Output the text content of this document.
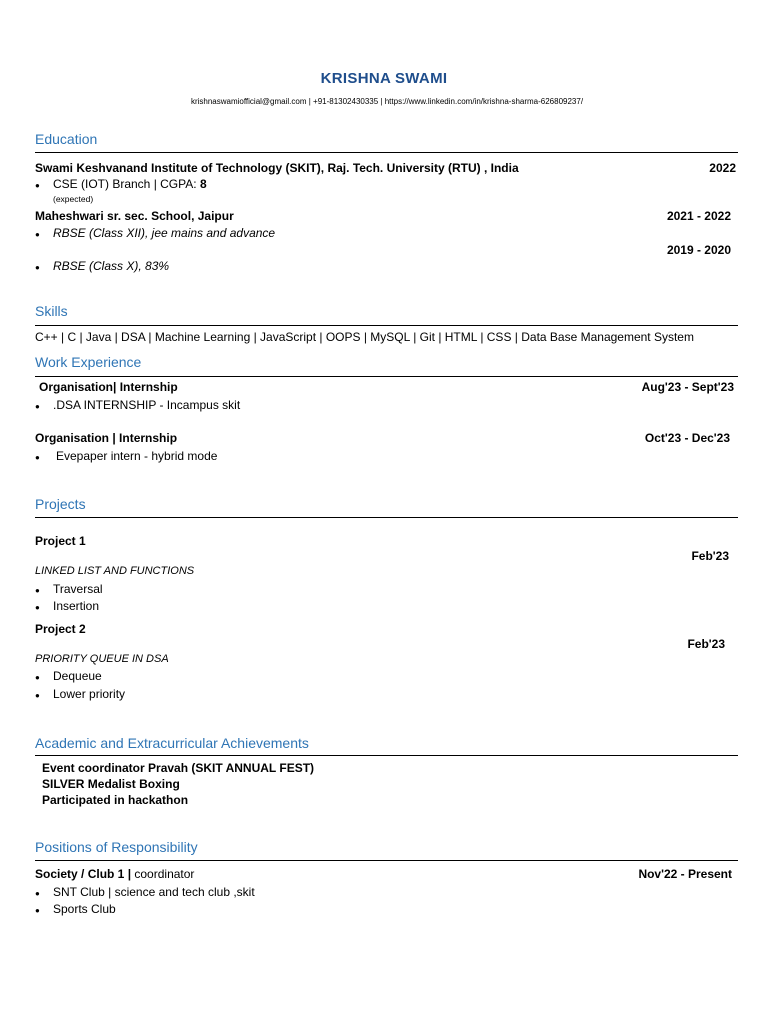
KRISHNA SWAMI
krishnaswamiofficial@gmail.com | +91-81302430335 | https://www.linkedin.com/in/krishna-sharma-626809237/
Education
Swami Keshvanand Institute of Technology (SKIT), Raj. Tech. University (RTU) , India	2022
● CSE (IOT) Branch | CGPA: 8
(expected)
Maheshwari sr. sec. School, Jaipur	2021 - 2022
● RBSE (Class XII), jee mains and advance
2019 - 2020
● RBSE (Class X), 83%
Skills
C++ | C | Java | DSA | Machine Learning | JavaScript | OOPS | MySQL | Git | HTML | CSS | Data Base Management System
Work Experience
Organisation| Internship	Aug'23 - Sept'23
● .DSA INTERNSHIP - Incampus skit
Organisation | Internship	Oct'23 - Dec'23
● Evepaper intern - hybrid mode
Projects
Project 1
Feb'23
LINKED LIST AND FUNCTIONS
● Traversal
● Insertion
Project 2
Feb'23
PRIORITY QUEUE IN DSA
● Dequeue
● Lower priority
Academic and Extracurricular Achievements
Event coordinator Pravah (SKIT ANNUAL FEST)
SILVER Medalist Boxing
Participated in hackathon
Positions of Responsibility
Society / Club 1 | coordinator	Nov'22 - Present
● SNT Club | science and tech club ,skit
● Sports Club
